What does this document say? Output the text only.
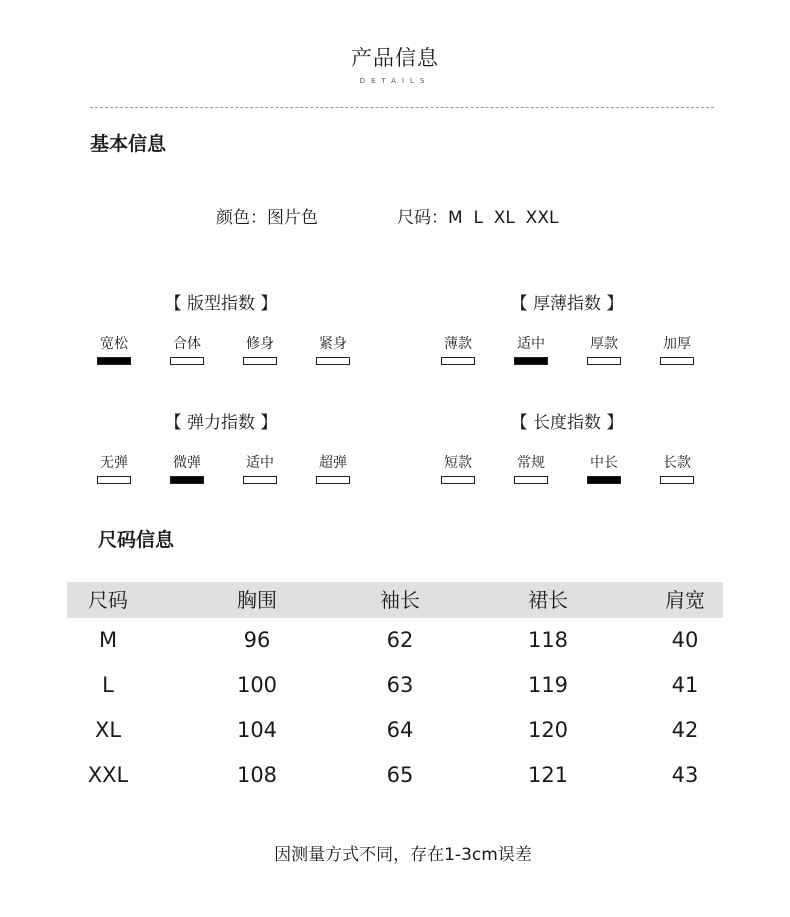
产品信息
DETAILS
基本信息
颜色：图片色	尺码：M  L  XL  XXL
【 版型指数 】
宽松	合体	修身	紧身
【 厚薄指数 】
薄款	适中	厚款	加厚
【 弹力指数 】
无弹	微弹	适中	超弹
【 长度指数 】
短款	常规	中长	长款
尺码信息
尺码	胸围	袖长	裙长	肩宽
M	96	62	118	40
L	100	63	119	41
XL	104	64	120	42
XXL	108	65	121	43
因测量方式不同，存在1-3cm误差
